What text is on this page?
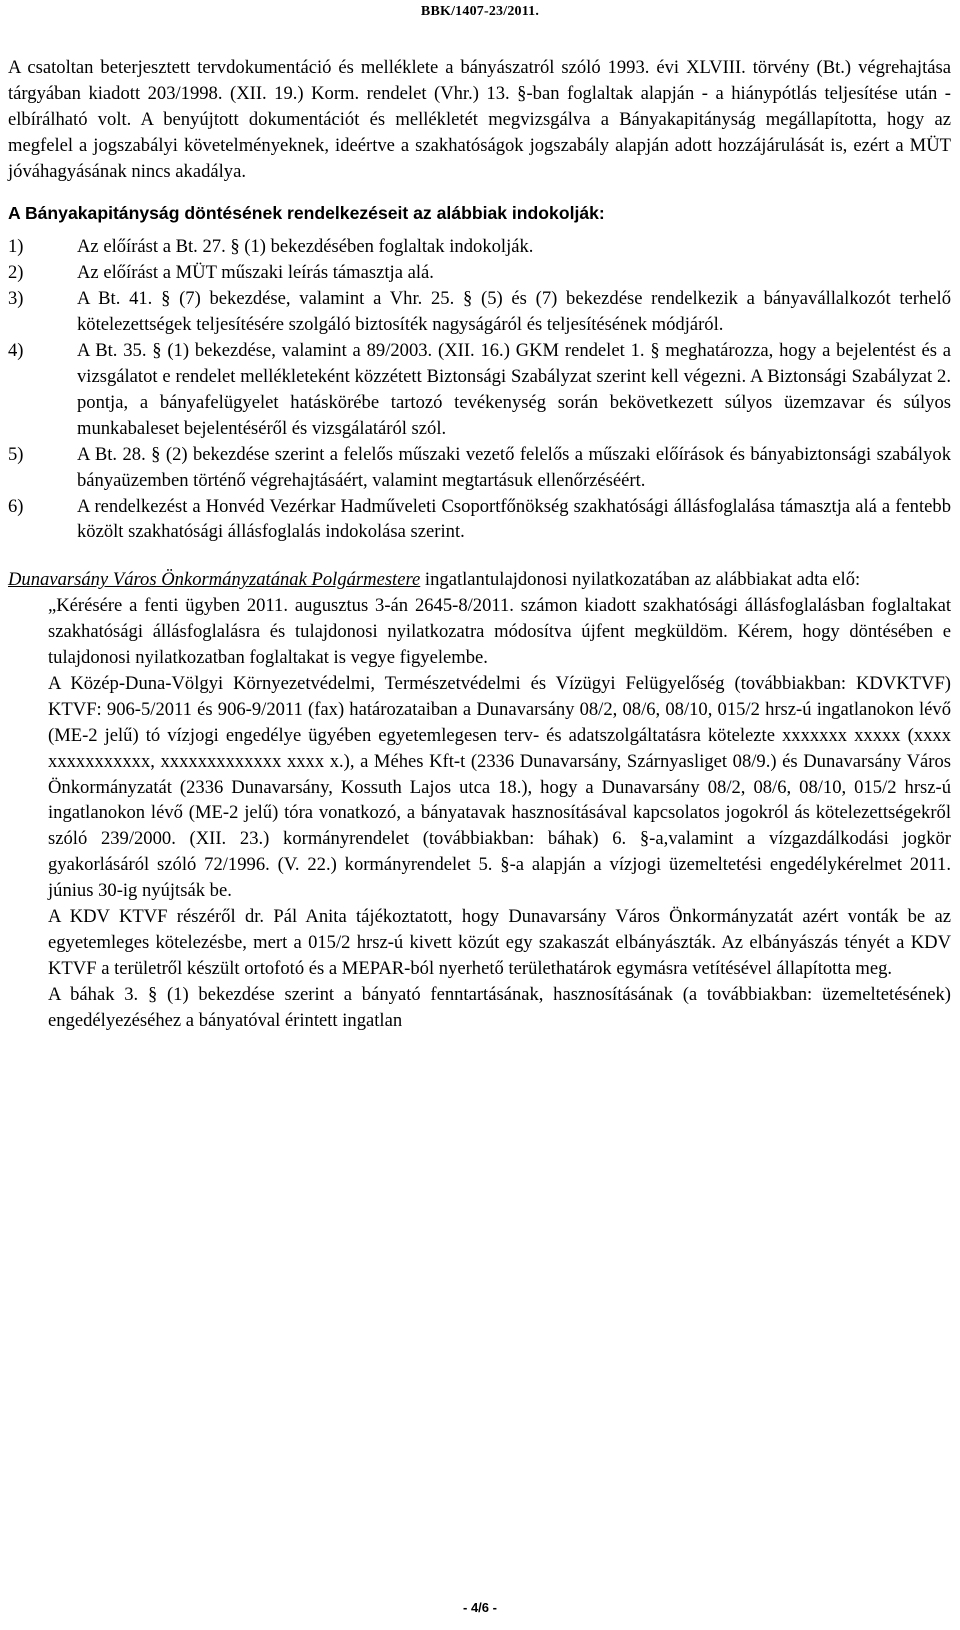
BBK/1407-23/2011.

A csatoltan beterjesztett tervdokumentáció és melléklete a bányászatról szóló 1993. évi XLVIII. törvény (Bt.) végrehajtása tárgyában kiadott 203/1998. (XII. 19.) Korm. rendelet (Vhr.) 13. §-ban foglaltak alapján - a hiánypótlás teljesítése után - elbírálható volt. A benyújtott dokumentációt és mellékletét megvizsgálva a Bányakapitányság megállapította, hogy az megfelel a jogszabályi követelményeknek, ideértve a szakhatóságok jogszabály alapján adott hozzájárulását is, ezért a MÜT jóváhagyásának nincs akadálya.

A Bányakapitányság döntésének rendelkezéseit az alábbiak indokolják:
1)	Az előírást a Bt. 27. § (1) bekezdésében foglaltak indokolják.
2)	Az előírást a MÜT műszaki leírás támasztja alá.
3)	A Bt. 41. § (7) bekezdése, valamint a Vhr. 25. § (5) és (7) bekezdése rendelkezik a bányavállalkozót terhelő kötelezettségek teljesítésére szolgáló biztosíték nagyságáról és teljesítésének módjáról.
4)	A Bt. 35. § (1) bekezdése, valamint a 89/2003. (XII. 16.) GKM rendelet 1. § meghatározza, hogy a bejelentést és a vizsgálatot e rendelet mellékleteként közzétett Biztonsági Szabályzat szerint kell végezni. A Biztonsági Szabályzat 2. pontja, a bányafelügyelet hatáskörébe tartozó tevékenység során bekövetkezett súlyos üzemzavar és súlyos munkabaleset bejelentéséről és vizsgálatáról szól.
5)	A Bt. 28. § (2) bekezdése szerint a felelős műszaki vezető felelős a műszaki előírások és bányabiztonsági szabályok bányaüzemben történő végrehajtásáért, valamint megtartásuk ellenőrzéséért.
6)	A rendelkezést a Honvéd Vezérkar Hadműveleti Csoportfőnökség szakhatósági állásfoglalása támasztja alá a fentebb közölt szakhatósági állásfoglalás indokolása szerint.

Dunavarsány Város Önkormányzatának Polgármestere ingatlantulajdonosi nyilatkozatában az alábbiakat adta elő:

„Kérésére a fenti ügyben 2011. augusztus 3-án 2645-8/2011. számon kiadott szakhatósági állásfoglalásban foglaltakat szakhatósági állásfoglalásra és tulajdonosi nyilatkozatra módosítva újfent megküldöm. Kérem, hogy döntésében e tulajdonosi nyilatkozatban foglaltakat is vegye figyelembe.

A Közép-Duna-Völgyi Környezetvédelmi, Természetvédelmi és Vízügyi Felügyelőség (továbbiakban: KDVKTVF) KTVF: 906-5/2011 és 906-9/2011 (fax) határozataiban a Dunavarsány 08/2, 08/6, 08/10, 015/2 hrsz-ú ingatlanokon lévő (ME-2 jelű) tó vízjogi engedélye ügyében egyetemlegesen terv- és adatszolgáltatásra kötelezte xxxxxxx xxxxx (xxxx xxxxxxxxxxx, xxxxxxxxxxxxx xxxx x.), a Méhes Kft-t (2336 Dunavarsány, Szárnyasliget 08/9.) és Dunavarsány Város Önkormányzatát (2336 Dunavarsány, Kossuth Lajos utca 18.), hogy a Dunavarsány 08/2, 08/6, 08/10, 015/2 hrsz-ú ingatlanokon lévő (ME-2 jelű) tóra vonatkozó, a bányatavak hasznosításával kapcsolatos jogokról ás kötelezettségekről szóló 239/2000. (XII. 23.) kormányrendelet (továbbiakban: báhak) 6. §-a,valamint a vízgazdálkodási jogkör gyakorlásáról szóló 72/1996. (V. 22.) kormányrendelet 5. §-a alapján a vízjogi üzemeltetési engedélykérelmet 2011. június 30-ig nyújtsák be.

A KDV KTVF részéről dr. Pál Anita tájékoztatott, hogy Dunavarsány Város Önkormányzatát azért vonták be az egyetemleges kötelezésbe, mert a 015/2 hrsz-ú kivett közút egy szakaszát elbányászták. Az elbányászás tényét a KDV KTVF a területről készült ortofotó és a MEPAR-ból nyerhető területhatárok egymásra vetítésével állapította meg.

A báhak 3. § (1) bekezdése szerint a bányató fenntartásának, hasznosításának (a továbbiakban: üzemeltetésének) engedélyezéséhez a bányatóval érintett ingatlan

- 4/6 -
